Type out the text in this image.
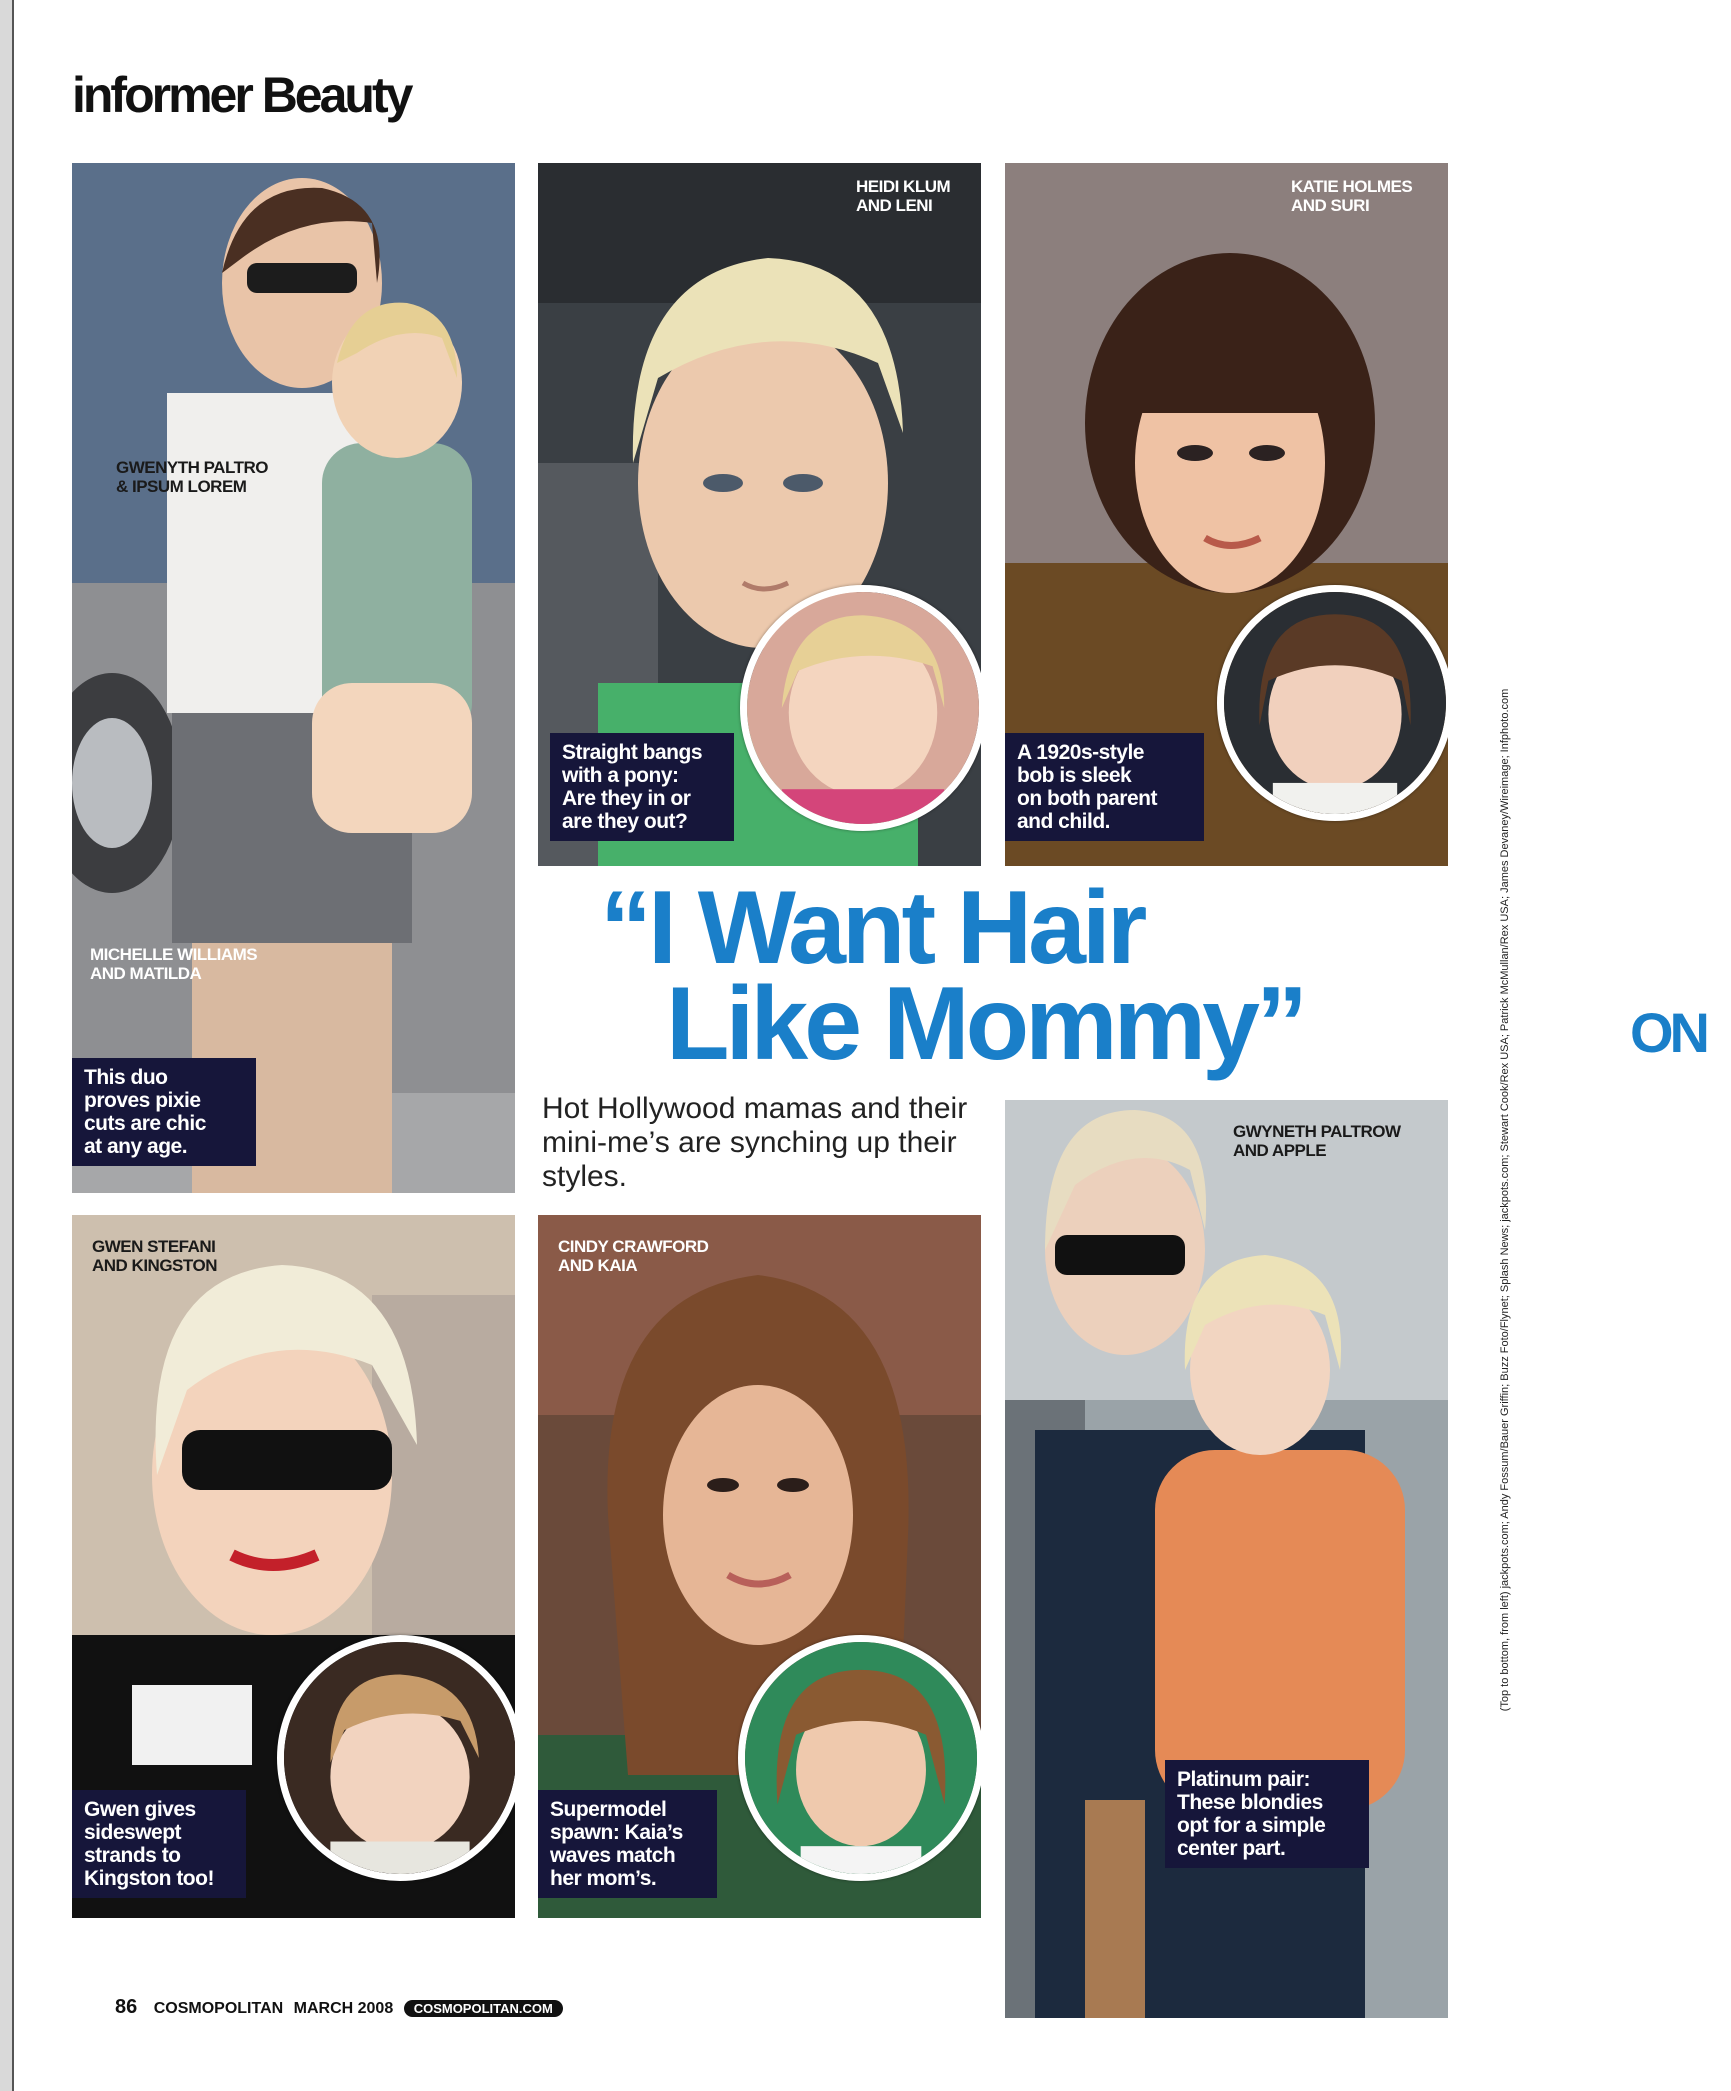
informer Beauty
GWENYTH PALTRO
& IPSUM LOREM
MICHELLE WILLIAMS
AND MATILDA
This duo
proves pixie
cuts are chic
at any age.
HEIDI KLUM
AND LENI
Straight bangs
with a pony:
Are they in or
are they out?
KATIE HOLMES
AND SURI
A 1920s-style
bob is sleek
on both parent
and child.
“I Want Hair
Like Mommy”
Hot Hollywood mamas and their mini-me’s are synching up their styles.
GWEN STEFANI
AND KINGSTON
Gwen gives
sideswept
strands to
Kingston too!
CINDY CRAWFORD
AND KAIA
Supermodel
spawn: Kaia’s
waves match
her mom’s.
GWYNETH PALTROW
AND APPLE
Platinum pair:
These blondies
opt for a simple
center part.
(Top to bottom, from left) jackpots.com; Andy Fossum/Bauer Griffin; Buzz Foto/Flynet; Splash News; jackpots.com; Stewart Cook/Rex USA; Patrick McMullan/Rex USA; James Devaney/Wireimage; Infphoto.com ON
86 COSMOPOLITAN MARCH 2008 COSMOPOLITAN.COM
